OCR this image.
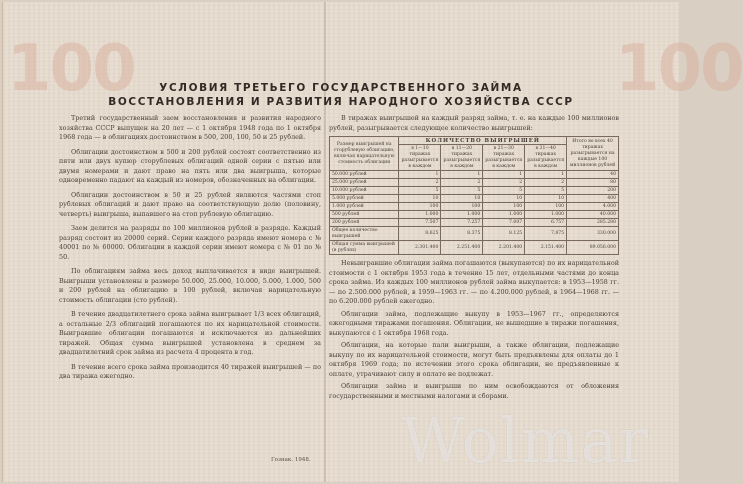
100	100
УСЛОВИЯ ТРЕТЬЕГО ГОСУДАРСТВЕННОГО ЗАЙМА
ВОССТАНОВЛЕНИЯ И РАЗВИТИЯ НАРОДНОГО ХОЗЯЙСТВА СССР

Третий государственный заем восстановления и развития народного хозяйства СССР выпущен на 20 лет — с 1 октября 1948 года по 1 октября 1968 года — в облигациях достоинством в 500, 200, 100, 50 и 25 рублей.

Облигации достоинством в 500 и 200 рублей состоят соответственно из пяти или двух купюр сторублевых облигаций одной серии с пятью или двумя номерами и дают право на пять или два выигрыша, которые одновременно падают на каждый из номеров, обозначенных на облигации.

Облигации достоинством в 50 и 25 рублей являются частями стоп рублевых облигаций и дают право на соответствующую долю (половину, четверть) выигрыша, выпавшего на стоп рублевую облигацию.

Заем делится на разряды по 100 миллионов рублей в разряде. Каждый разряд состоит из 20000 серий. Серии каждого разряда имеют номера с № 40001 по № 60000. Облигации в каждой серии имеют номера с № 01 по № 50.

По облигациям займа весь доход выплачивается в виде выигрышей. Выигрыши установлены в размере 50.000, 25.000, 10.000, 5.000, 1.000, 500 и 200 рублей на облигацию в 100 рублей, включая нарицательную стоимость облигации (сто рублей).

В течение двадцатилетнего срока займа выигрывает 1/3 всех облигаций, а остальные 2/3 облигаций погашаются по их нарицательной стоимости. Выигравшие облигации погашаются и исключаются из дальнейших тиражей. Общая сумма выигрышей установлена в среднем за двадцатилетний срок займа из расчета 4 процента в год.

В течение всего срока займа производится 40 тиражей выигрышей — по два тиража ежегодно.

В тиражах выигрышей на каждый разряд займа, т. е. на каждые 100 миллионов рублей, разыгрывается следующее количество выигрышей:

Размер выигрышей на сторублевую облигацию, включая нарицательную стоимость облигации	КОЛИЧЕСТВО ВЫИГРЫШЕЙ				Итого во всех 40 тиражах разыгрывается на каждые 100 миллионов рублей
	в 1—10 тиражах разыгрывается в каждом	в 11—20 тиражах разыгрывается в каждом	в 21—30 тиражах разыгрывается в каждом	в 31—40 тиражах разыгрывается в каждом	
50.000 рублей	1	1	1	1	40
25.000 рублей	2	2	2	2	80
10.000 рублей	5	5	5	5	200
5.000 рублей	10	10	10	10	400
1.000 рублей	100	100	100	100	4.000
500 рублей	1.000	1.000	1.000	1.000	40.000
200 рублей	7.507	7.257	7.007	6.757	285.280
Общее количество выигрышей	8.625	8.375	8.125	7.875	330.000
Общая сумма выигрышей (в рублях)	2.301.400	2.251.400	2.201.400	2.151.400	89.056.000

Невыигравшие облигации займа погашаются (выкупаются) по их нарицательной стоимости с 1 октября 1953 года в течение 15 лет, отдельными частями до конца срока займа. Из каждых 100 миллионов рублей займа выкупается: в 1953—1958 гг. — по 2.500.000 рублей, в 1959—1963 гг. — по 4.200.000 рублей, в 1964—1968 гг. — по 6.200.000 рублей ежегодно.

Облигации займа, подлежащие выкупу в 1953—1967 гг., определяются ежегодными тиражами погашения. Облигации, не вышедшие в тиражи погашения, выкупаются с 1 октября 1968 года.

Облигации, на которые пали выигрыши, а также облигации, подлежащие выкупу по их нарицательной стоимости, могут быть предъявлены для оплаты до 1 октября 1969 года; по истечении этого срока облигации, не предъявленные к оплате, утрачивают силу и оплате не подлежат.

Облигации займа и выигрыши по ним освобождаются от обложения государственными и местными налогами и сборами.

Гознак. 1948. Wolmar
